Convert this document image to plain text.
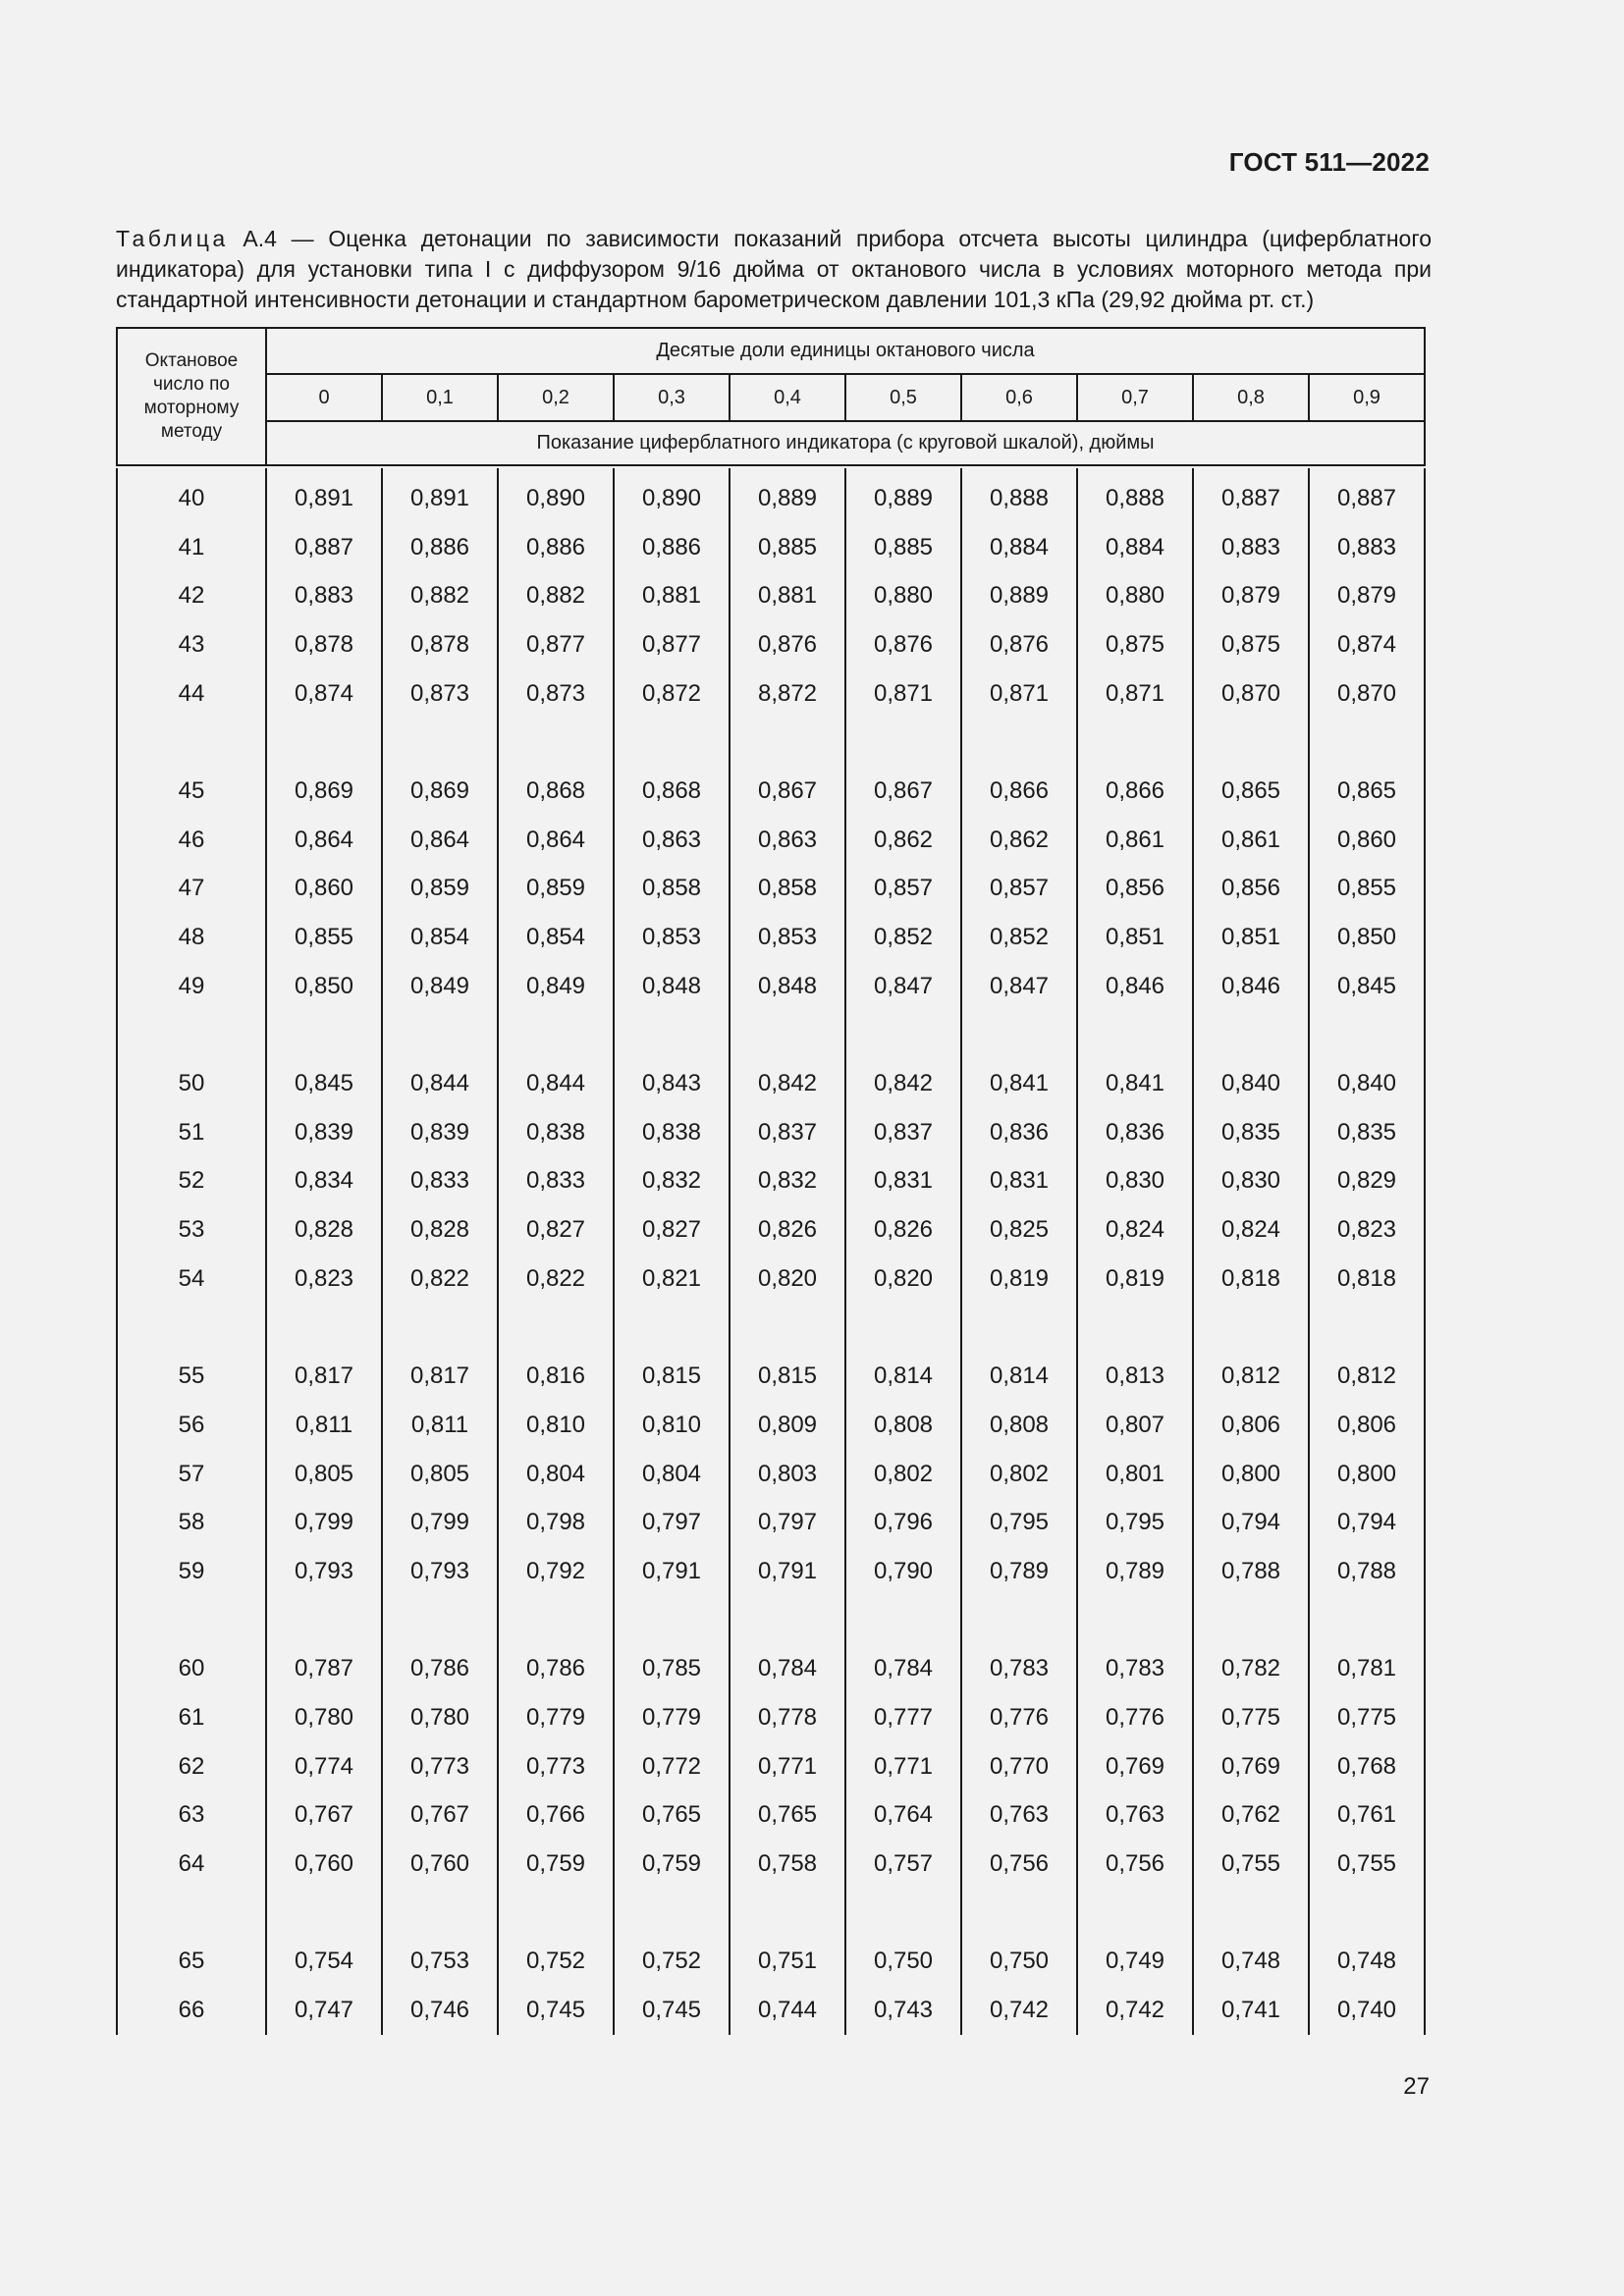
ГОСТ 511—2022
Таблица А.4 — Оценка детонации по зависимости показаний прибора отсчета высоты цилиндра (циферблатного индикатора) для установки типа I с диффузором 9/16 дюйма от октанового числа в условиях моторного метода при стандартной интенсивности детонации и стандартном барометрическом давлении 101,3 кПа (29,92 дюйма рт. ст.)
Октановое число по моторному методу	Десятые доли единицы октанового числа									
	0	0,1	0,2	0,3	0,4	0,5	0,6	0,7	0,8	0,9
	Показание циферблатного индикатора (с круговой шкалой), дюймы									

40	0,891	0,891	0,890	0,890	0,889	0,889	0,888	0,888	0,887	0,887
41	0,887	0,886	0,886	0,886	0,885	0,885	0,884	0,884	0,883	0,883
42	0,883	0,882	0,882	0,881	0,881	0,880	0,889	0,880	0,879	0,879
43	0,878	0,878	0,877	0,877	0,876	0,876	0,876	0,875	0,875	0,874
44	0,874	0,873	0,873	0,872	8,872	0,871	0,871	0,871	0,870	0,870

45	0,869	0,869	0,868	0,868	0,867	0,867	0,866	0,866	0,865	0,865
46	0,864	0,864	0,864	0,863	0,863	0,862	0,862	0,861	0,861	0,860
47	0,860	0,859	0,859	0,858	0,858	0,857	0,857	0,856	0,856	0,855
48	0,855	0,854	0,854	0,853	0,853	0,852	0,852	0,851	0,851	0,850
49	0,850	0,849	0,849	0,848	0,848	0,847	0,847	0,846	0,846	0,845

50	0,845	0,844	0,844	0,843	0,842	0,842	0,841	0,841	0,840	0,840
51	0,839	0,839	0,838	0,838	0,837	0,837	0,836	0,836	0,835	0,835
52	0,834	0,833	0,833	0,832	0,832	0,831	0,831	0,830	0,830	0,829
53	0,828	0,828	0,827	0,827	0,826	0,826	0,825	0,824	0,824	0,823
54	0,823	0,822	0,822	0,821	0,820	0,820	0,819	0,819	0,818	0,818

55	0,817	0,817	0,816	0,815	0,815	0,814	0,814	0,813	0,812	0,812
56	0,811	0,811	0,810	0,810	0,809	0,808	0,808	0,807	0,806	0,806
57	0,805	0,805	0,804	0,804	0,803	0,802	0,802	0,801	0,800	0,800
58	0,799	0,799	0,798	0,797	0,797	0,796	0,795	0,795	0,794	0,794
59	0,793	0,793	0,792	0,791	0,791	0,790	0,789	0,789	0,788	0,788

60	0,787	0,786	0,786	0,785	0,784	0,784	0,783	0,783	0,782	0,781
61	0,780	0,780	0,779	0,779	0,778	0,777	0,776	0,776	0,775	0,775
62	0,774	0,773	0,773	0,772	0,771	0,771	0,770	0,769	0,769	0,768
63	0,767	0,767	0,766	0,765	0,765	0,764	0,763	0,763	0,762	0,761
64	0,760	0,760	0,759	0,759	0,758	0,757	0,756	0,756	0,755	0,755

65	0,754	0,753	0,752	0,752	0,751	0,750	0,750	0,749	0,748	0,748
66	0,747	0,746	0,745	0,745	0,744	0,743	0,742	0,742	0,741	0,740
27
